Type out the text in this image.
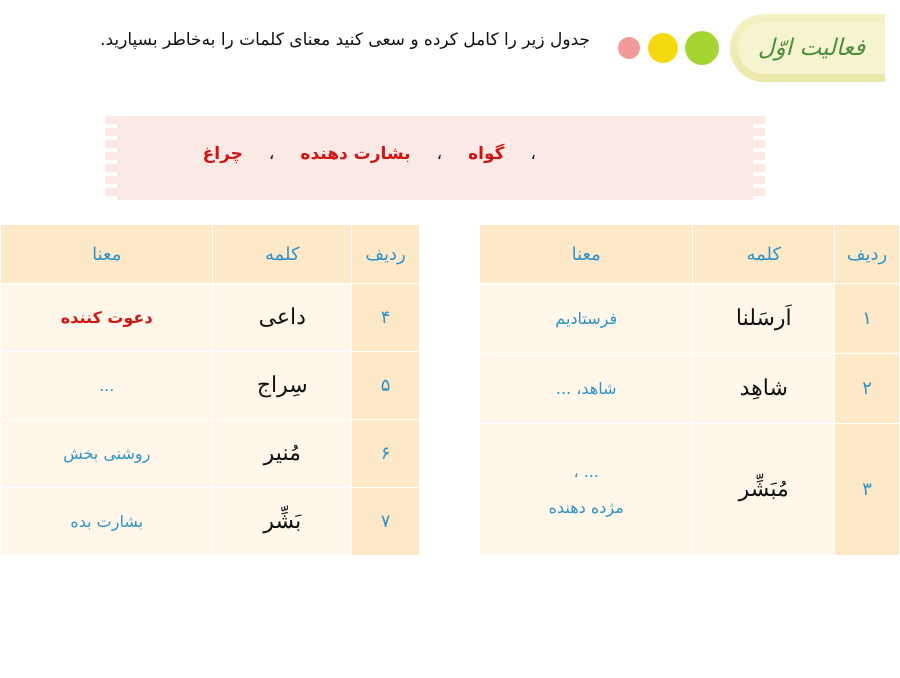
فعالیت اوّل
جدول زیر را کامل کرده و سعی کنید معنای کلمات را به‌خاطر بسپارید.
،
گواه
،
بشارت دهنده
،
چراغ
ردیف	کلمه	معنا
۱	اَرسَلنا	فرستادیم
۲	شاهِد	شاهد، ...
۳	مُبَشِّر	... ،
مژده دهنده
ردیف	کلمه	معنا
۴	داعی	دعوت کننده
۵	سِراج	...
۶	مُنیر	روشنی بخش
۷	بَشِّر	بشارت بده
